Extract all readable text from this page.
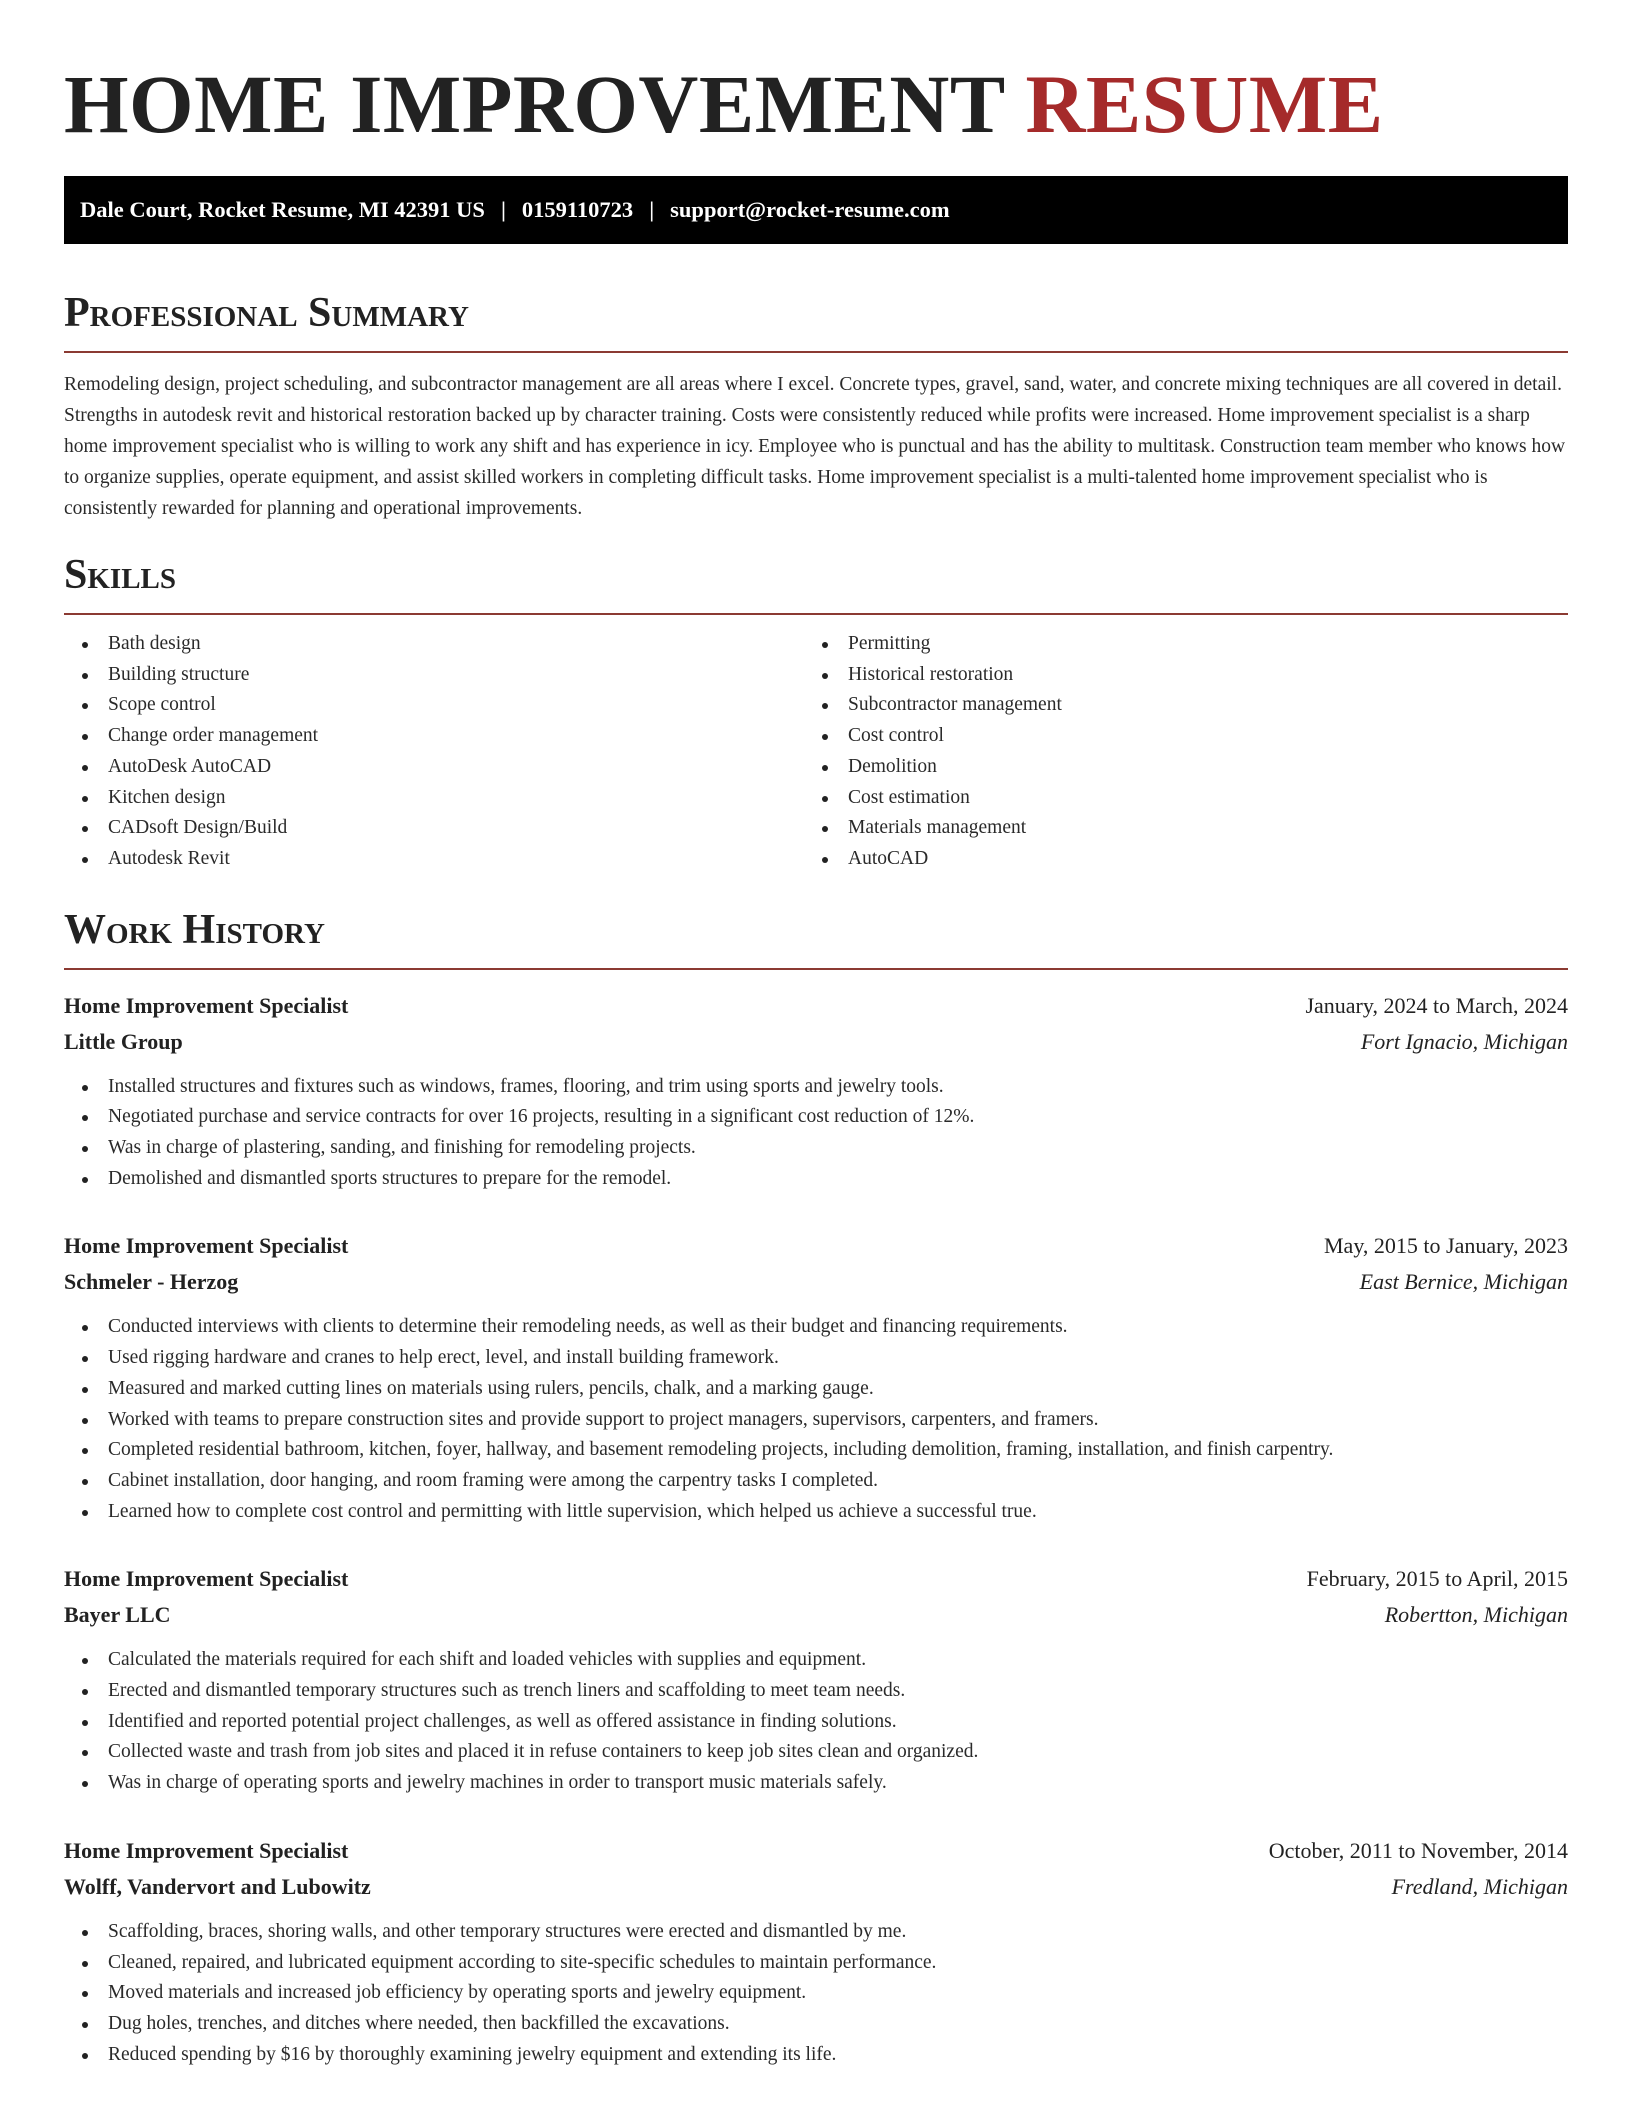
HOME IMPROVEMENT RESUME
Dale Court, Rocket Resume, MI 42391 US | 0159110723 | support@rocket-resume.com
Professional Summary

Remodeling design, project scheduling, and subcontractor management are all areas where I excel. Concrete types, gravel, sand, water, and concrete mixing techniques are all covered in detail. Strengths in autodesk revit and historical restoration backed up by character training. Costs were consistently reduced while profits were increased. Home improvement specialist is a sharp home improvement specialist who is willing to work any shift and has experience in icy. Employee who is punctual and has the ability to multitask. Construction team member who knows how to organize supplies, operate equipment, and assist skilled workers in completing difficult tasks. Home improvement specialist is a multi-talented home improvement specialist who is consistently rewarded for planning and operational improvements.

Skills
Bath design
Building structure
Scope control
Change order management
AutoDesk AutoCAD
Kitchen design
CADsoft Design/Build
Autodesk Revit
Permitting
Historical restoration
Subcontractor management
Cost control
Demolition
Cost estimation
Materials management
AutoCAD
Work History
Home Improvement Specialist	January, 2024 to March, 2024
Little Group	Fort Ignacio, Michigan
Installed structures and fixtures such as windows, frames, flooring, and trim using sports and jewelry tools.
Negotiated purchase and service contracts for over 16 projects, resulting in a significant cost reduction of 12%.
Was in charge of plastering, sanding, and finishing for remodeling projects.
Demolished and dismantled sports structures to prepare for the remodel.
Home Improvement Specialist	May, 2015 to January, 2023
Schmeler - Herzog	East Bernice, Michigan
Conducted interviews with clients to determine their remodeling needs, as well as their budget and financing requirements.
Used rigging hardware and cranes to help erect, level, and install building framework.
Measured and marked cutting lines on materials using rulers, pencils, chalk, and a marking gauge.
Worked with teams to prepare construction sites and provide support to project managers, supervisors, carpenters, and framers.
Completed residential bathroom, kitchen, foyer, hallway, and basement remodeling projects, including demolition, framing, installation, and finish carpentry.
Cabinet installation, door hanging, and room framing were among the carpentry tasks I completed.
Learned how to complete cost control and permitting with little supervision, which helped us achieve a successful true.
Home Improvement Specialist	February, 2015 to April, 2015
Bayer LLC	Robertton, Michigan
Calculated the materials required for each shift and loaded vehicles with supplies and equipment.
Erected and dismantled temporary structures such as trench liners and scaffolding to meet team needs.
Identified and reported potential project challenges, as well as offered assistance in finding solutions.
Collected waste and trash from job sites and placed it in refuse containers to keep job sites clean and organized.
Was in charge of operating sports and jewelry machines in order to transport music materials safely.
Home Improvement Specialist	October, 2011 to November, 2014
Wolff, Vandervort and Lubowitz	Fredland, Michigan
Scaffolding, braces, shoring walls, and other temporary structures were erected and dismantled by me.
Cleaned, repaired, and lubricated equipment according to site-specific schedules to maintain performance.
Moved materials and increased job efficiency by operating sports and jewelry equipment.
Dug holes, trenches, and ditches where needed, then backfilled the excavations.
Reduced spending by $16 by thoroughly examining jewelry equipment and extending its life.
